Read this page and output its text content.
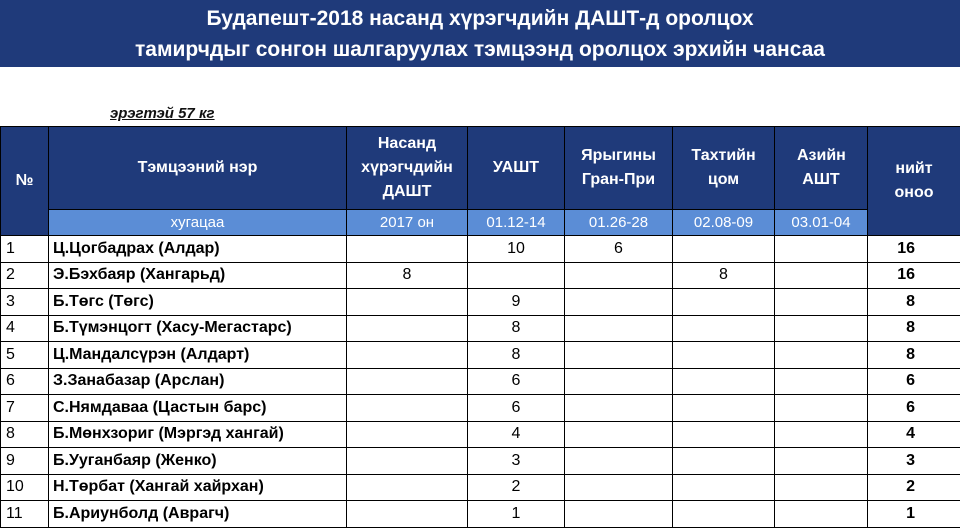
Будапешт-2018 насанд хүрэгчдийн ДАШТ-д оролцох
тамирчдыг сонгон шалгаруулах тэмцээнд оролцох эрхийн чансаа
эрэгтэй 57 кг
№	Тэмцээний нэр	Насанд хүрэгчдийн ДАШТ	УАШТ	Ярыгины Гран-При	Тахтийн цом	Азийн АШТ	нийт оноо

	хугацаа	2017 он	01.12-14	01.26-28	02.08-09	03.01-04	
1	Ц.Цогбадрах (Алдар)		10	6			16
2	Э.Бэхбаяр (Хангарьд)	8			8		16
3	Б.Төгс (Төгс)		9				8
4	Б.Түмэнцогт (Хасу-Мегастарс)		8				8
5	Ц.Мандалсүрэн (Алдарт)		8				8
6	З.Занабазар (Арслан)		6				6
7	С.Нямдаваа (Цастын барс)		6				6
8	Б.Мөнхзориг (Мэргэд хангай)		4				4
9	Б.Ууганбаяр (Женко)		3				3
10	Н.Төрбат (Хангай хайрхан)		2				2
11	Б.Ариунболд (Аврагч)		1				1
